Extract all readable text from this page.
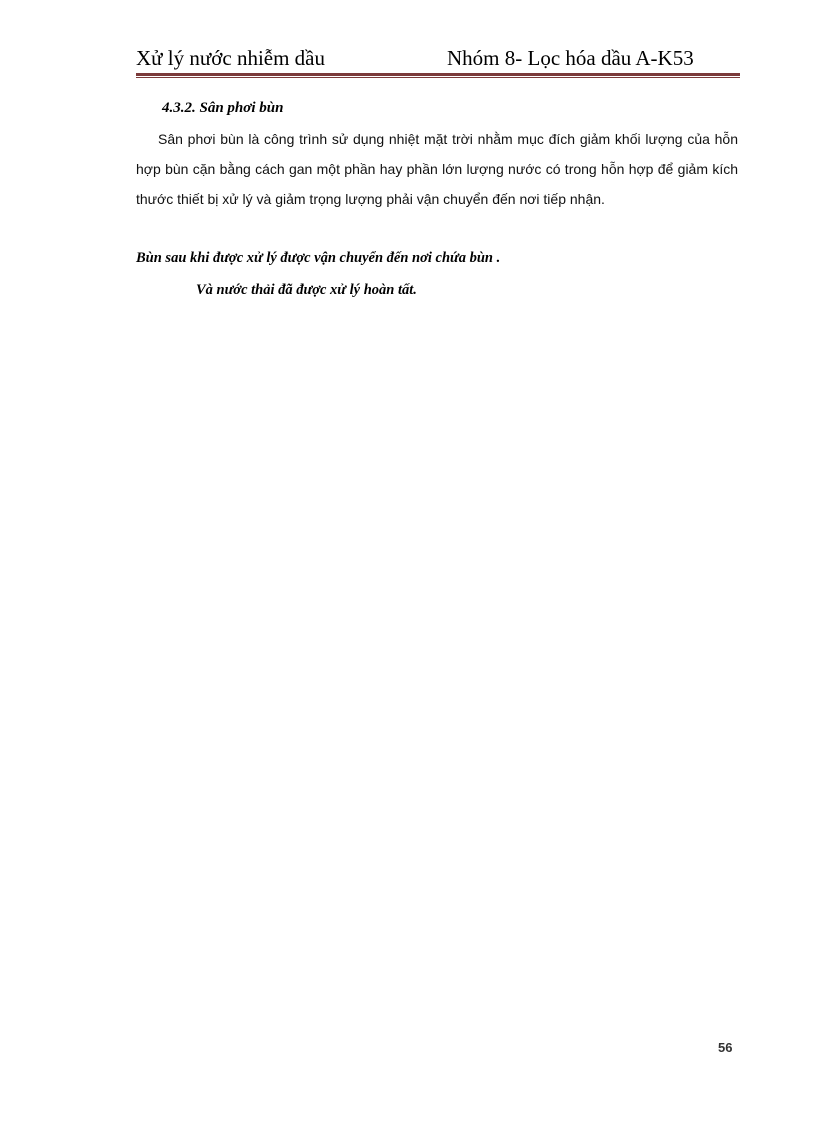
Xử lý nước nhiễm dầu	Nhóm 8- Lọc hóa dầu A-K53
4.3.2. Sân phơi bùn

Sân phơi bùn là công trình sử dụng nhiệt mặt trời nhằm mục đích giảm khối lượng của hỗn hợp bùn cặn bằng cách gan một phần hay phần lớn lượng nước có trong hỗn hợp để giảm kích thước thiết bị xử lý và giảm trọng lượng phải vận chuyển đến nơi tiếp nhận.

Bùn sau khi được xử lý được vận chuyển đến nơi chứa bùn .
Và nước thải đã được xử lý hoàn tất.
56
